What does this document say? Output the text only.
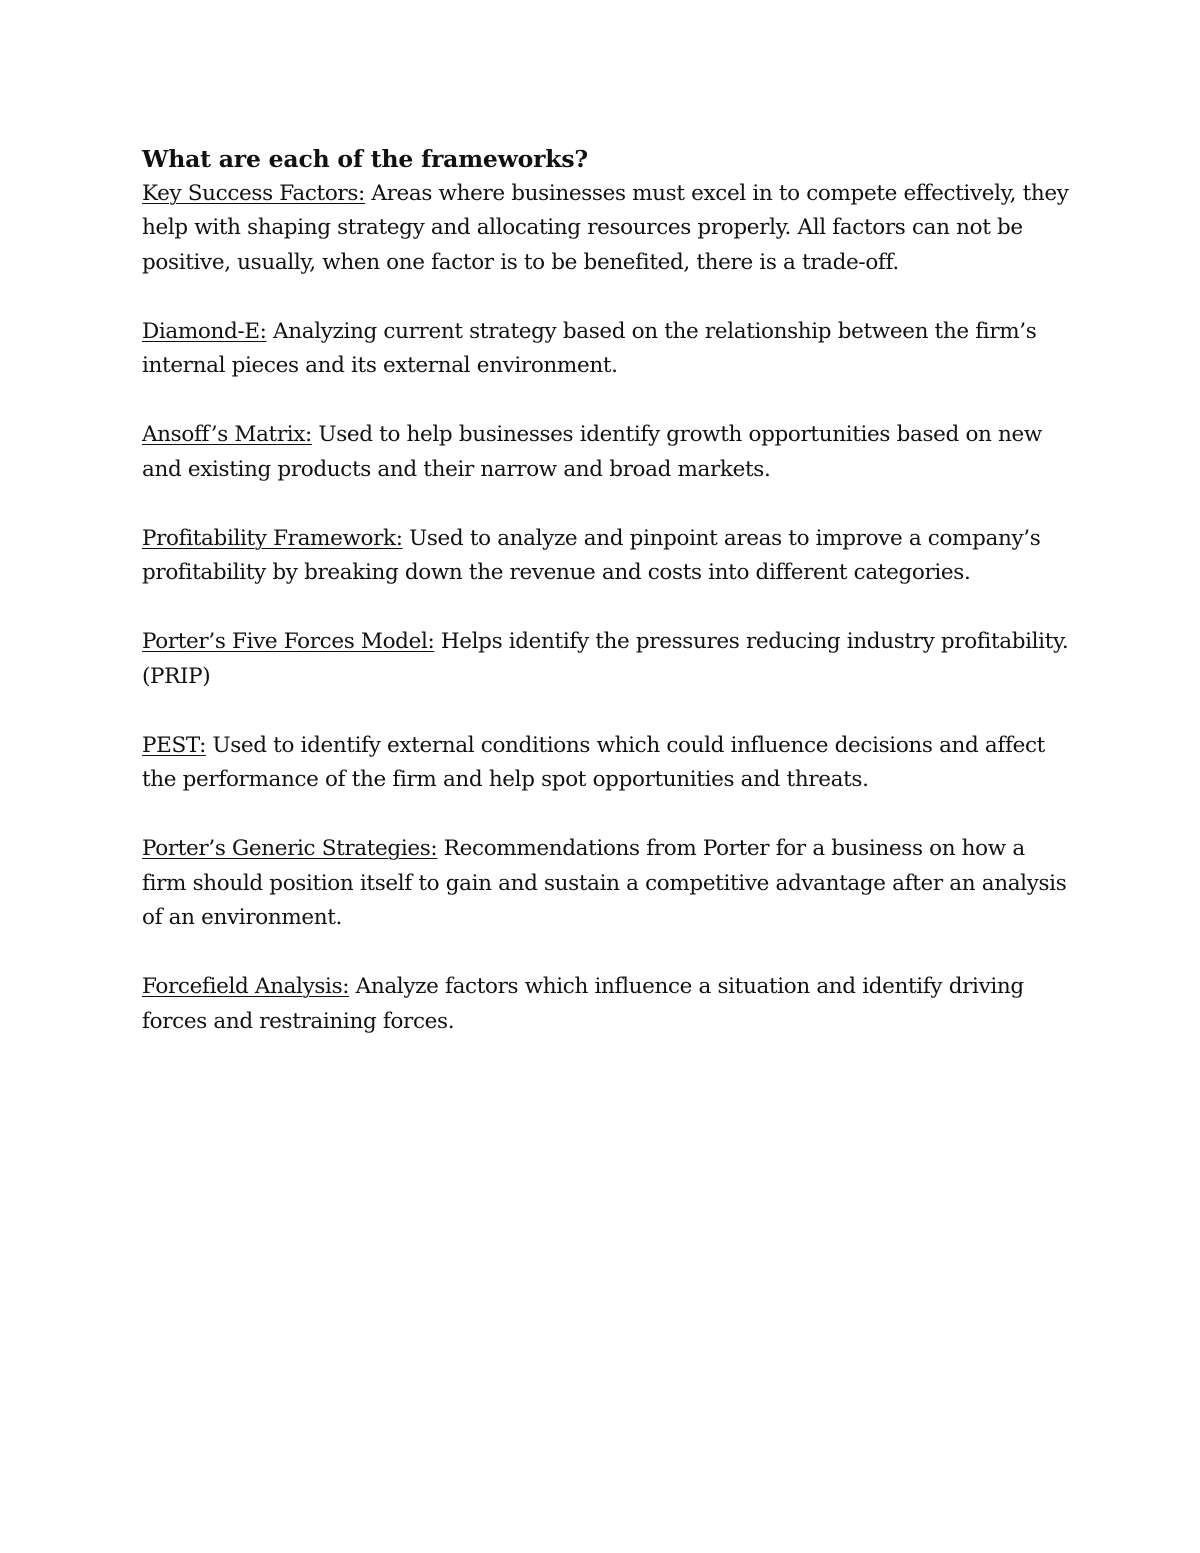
What are each of the frameworks?

Key Success Factors: Areas where businesses must excel in to compete effectively, they help with shaping strategy and allocating resources properly. All factors can not be positive, usually, when one factor is to be benefited, there is a trade-off.

Diamond-E: Analyzing current strategy based on the relationship between the firm’s internal pieces and its external environment.

Ansoff’s Matrix: Used to help businesses identify growth opportunities based on new and existing products and their narrow and broad markets.

Profitability Framework: Used to analyze and pinpoint areas to improve a company’s profitability by breaking down the revenue and costs into different categories.

Porter’s Five Forces Model: Helps identify the pressures reducing industry profitability. (PRIP)

PEST: Used to identify external conditions which could influence decisions and affect the performance of the firm and help spot opportunities and threats.

Porter’s Generic Strategies: Recommendations from Porter for a business on how a firm should position itself to gain and sustain a competitive advantage after an analysis of an environment.

Forcefield Analysis: Analyze factors which influence a situation and identify driving forces and restraining forces.
